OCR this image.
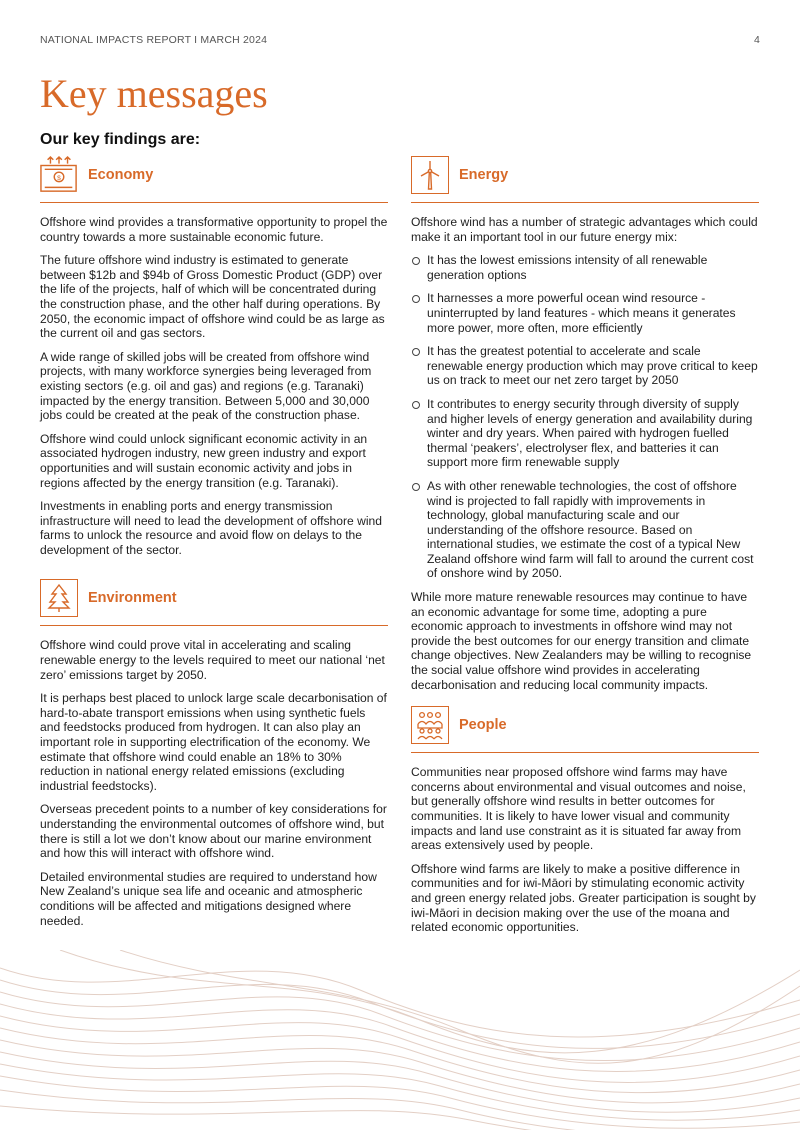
NATIONAL IMPACTS REPORT I MARCH 2024	4
Key messages
Our key findings are:
$ Economy

Offshore wind provides a transformative opportunity to propel the country towards a more sustainable economic future.

The future offshore wind industry is estimated to generate between $12b and $94b of Gross Domestic Product (GDP) over the life of the projects, half of which will be concentrated during the construction phase, and the other half during operations. By 2050, the economic impact of offshore wind could be as large as the current oil and gas sectors.

A wide range of skilled jobs will be created from offshore wind projects, with many workforce synergies being leveraged from existing sectors (e.g. oil and gas) and regions (e.g. Taranaki) impacted by the energy transition. Between 5,000 and 30,000 jobs could be created at the peak of the construction phase.

Offshore wind could unlock significant economic activity in an associated hydrogen industry, new green industry and export opportunities and will sustain economic activity and jobs in regions affected by the energy transition (e.g. Taranaki).

Investments in enabling ports and energy transmission infrastructure will need to lead the development of offshore wind farms to unlock the resource and avoid flow on delays to the development of the sector.

Environment

Offshore wind could prove vital in accelerating and scaling renewable energy to the levels required to meet our national ‘net zero’ emissions target by 2050.

It is perhaps best placed to unlock large scale decarbonisation of hard-to-abate transport emissions when using synthetic fuels and feedstocks produced from hydrogen. It can also play an important role in supporting electrification of the economy. We estimate that offshore wind could enable an 18% to 30% reduction in national energy related emissions (excluding industrial feedstocks).

Overseas precedent points to a number of key considerations for understanding the environmental outcomes of offshore wind, but there is still a lot we don’t know about our marine environment and how this will interact with offshore wind.

Detailed environmental studies are required to understand how New Zealand’s unique sea life and oceanic and atmospheric conditions will be affected and mitigations designed where needed.

Energy

Offshore wind has a number of strategic advantages which could make it an important tool in our future energy mix:

It has the lowest emissions intensity of all renewable generation options
It harnesses a more powerful ocean wind resource - uninterrupted by land features - which means it generates more power, more often, more efficiently
It has the greatest potential to accelerate and scale renewable energy production which may prove critical to keep us on track to meet our net zero target by 2050
It contributes to energy security through diversity of supply and higher levels of energy generation and availability during winter and dry years. When paired with hydrogen fuelled thermal ‘peakers’, electrolyser flex, and batteries it can support more firm renewable supply
As with other renewable technologies, the cost of offshore wind is projected to fall rapidly with improvements in technology, global manufacturing scale and our understanding of the offshore resource. Based on international studies, we estimate the cost of a typical New Zealand offshore wind farm will fall to around the current cost of onshore wind by 2050.

While more mature renewable resources may continue to have an economic advantage for some time, adopting a pure economic approach to investments in offshore wind may not provide the best outcomes for our energy transition and climate change objectives. New Zealanders may be willing to recognise the social value offshore wind provides in accelerating decarbonisation and reducing local community impacts.

People

Communities near proposed offshore wind farms may have concerns about environmental and visual outcomes and noise, but generally offshore wind results in better outcomes for communities. It is likely to have lower visual and community impacts and land use constraint as it is situated far away from areas extensively used by people.

Offshore wind farms are likely to make a positive difference in communities and for iwi-Māori by stimulating economic activity and green energy related jobs. Greater participation is sought by iwi-Māori in decision making over the use of the moana and related economic opportunities.
